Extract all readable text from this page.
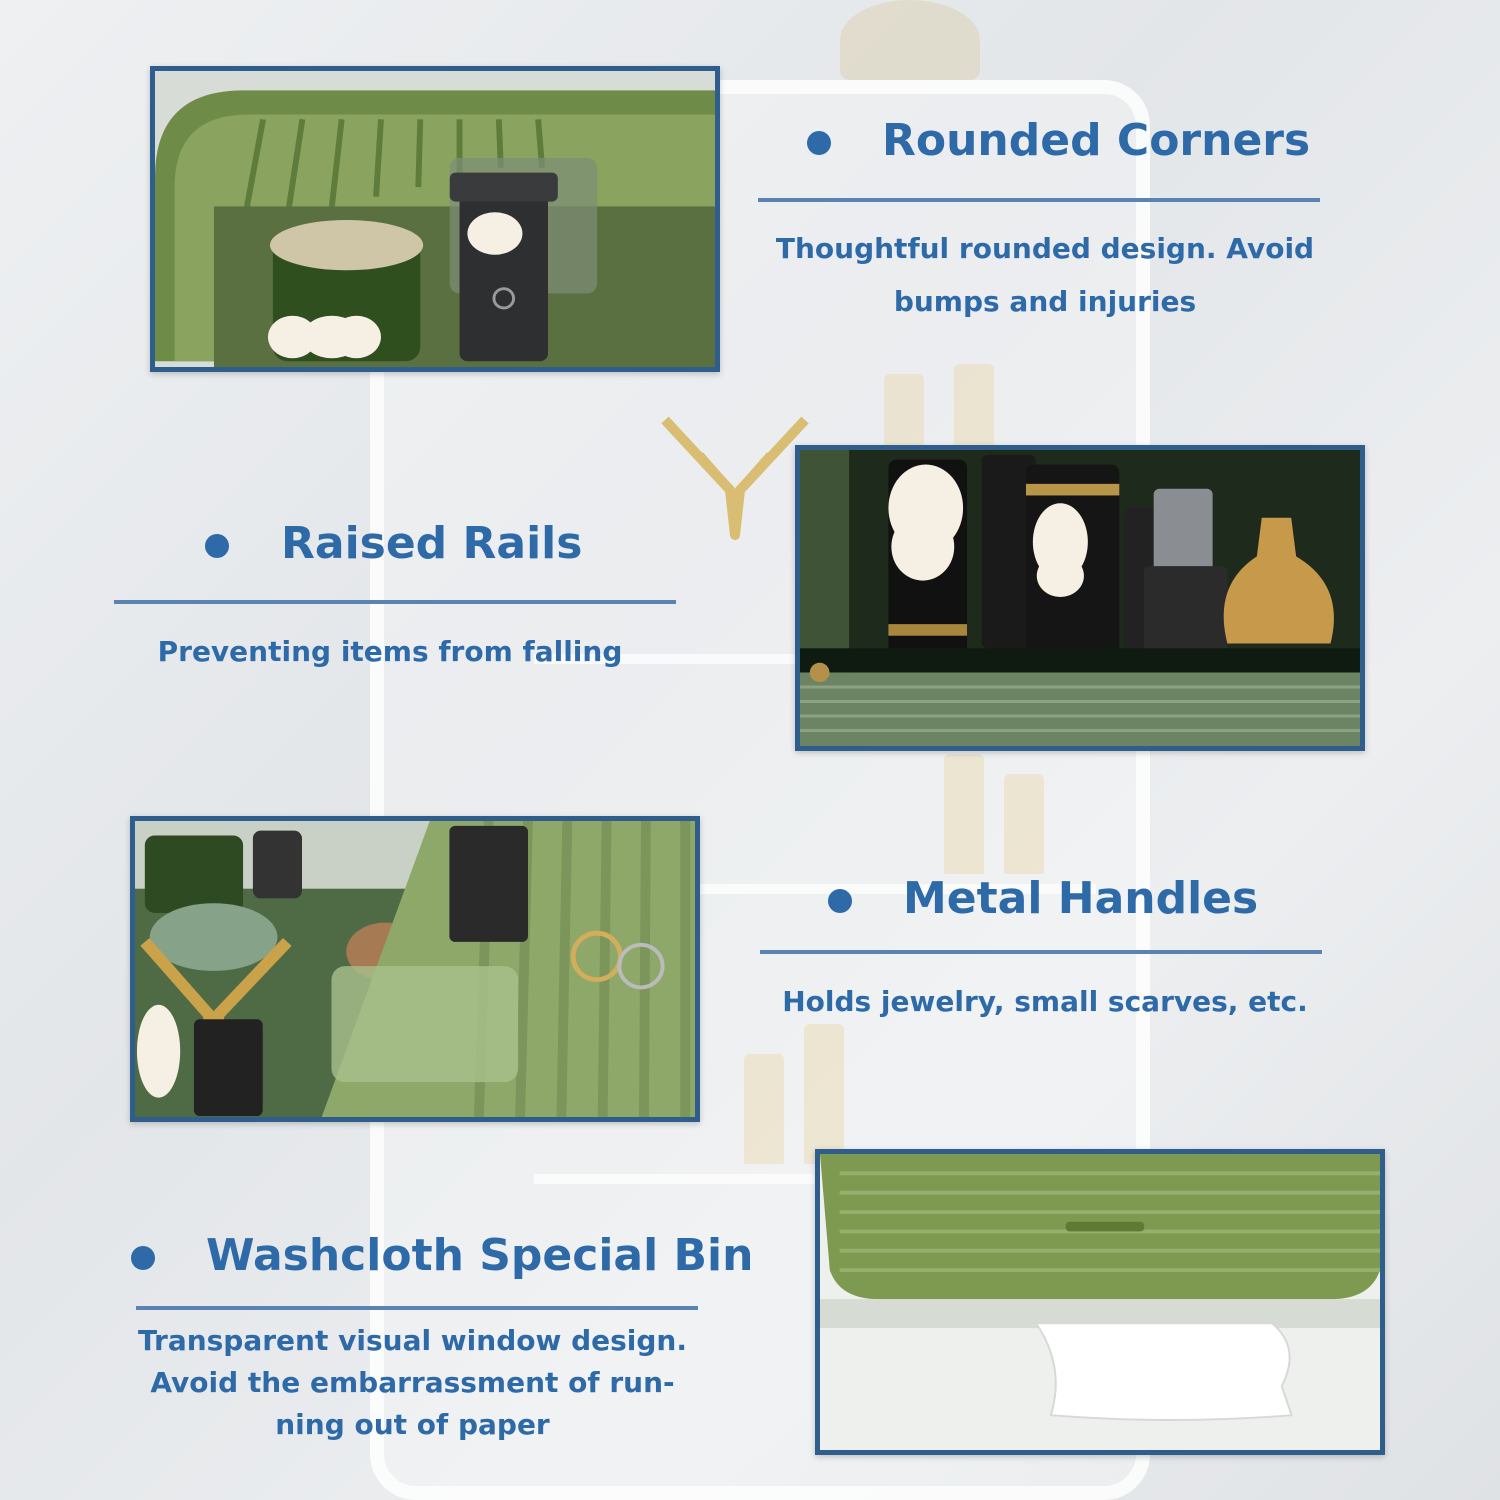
Rounded Corners

Thoughtful rounded design. Avoid
bumps and injuries

Raised Rails

Preventing items from falling

Metal Handles

Holds jewelry, small scarves, etc.

Washcloth Special Bin

Transparent visual window design.
Avoid the embarrassment of run-
ning out of paper
